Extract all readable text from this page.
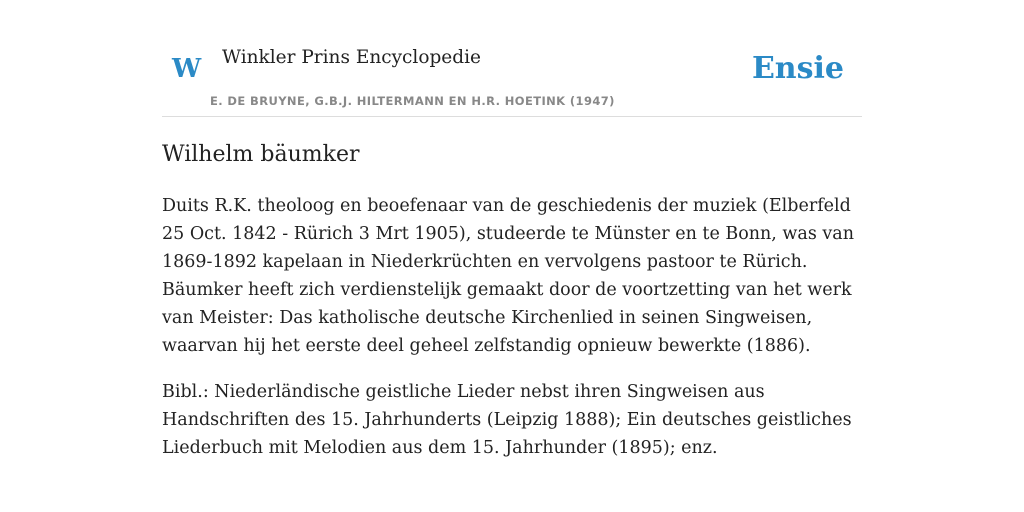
W Winkler Prins Encyclopedie
E. DE BRUYNE, G.B.J. HILTERMANN EN H.R. HOETINK (1947)
Ensie
Wilhelm bäumker

Duits R.K. theoloog en beoefenaar van de geschiedenis der muziek (Elberfeld 25 Oct. 1842 - Rürich 3 Mrt 1905), studeerde te Münster en te Bonn, was van 1869-1892 kapelaan in Niederkrüchten en vervolgens pastoor te Rürich. Bäumker heeft zich verdienstelijk gemaakt door de voortzetting van het werk van Meister: Das katholische deutsche Kirchenlied in seinen Singweisen, waarvan hij het eerste deel geheel zelfstandig opnieuw bewerkte (1886).

Bibl.: Niederländische geistliche Lieder nebst ihren Singweisen aus Handschriften des 15. Jahrhunderts (Leipzig 1888); Ein deutsches geistliches Liederbuch mit Melodien aus dem 15. Jahrhunder (1895); enz.
